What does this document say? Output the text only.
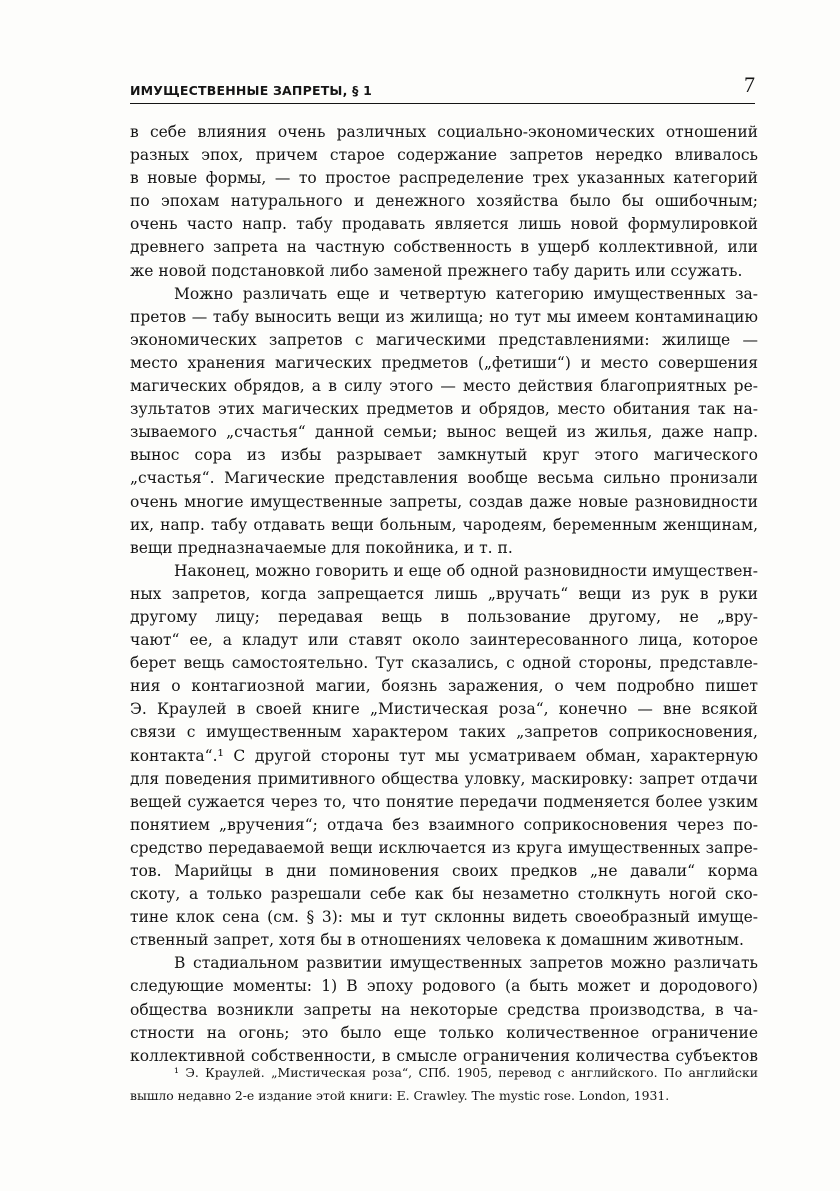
ИМУЩЕСТВЕННЫЕ ЗАПРЕТЫ, § 1	7
в себе влияния очень различных социально-экономических отношений
разных эпох, причем старое содержание запретов нередко вливалось
в новые формы, — то простое распределение трех указанных категорий
по эпохам натурального и денежного хозяйства было бы ошибочным;
очень часто напр. табу продавать является лишь новой формулировкой
древнего запрета на частную собственность в ущерб коллективной, или
же новой подстановкой либо заменой прежнего табу дарить или ссужать.
Можно различать еще и четвертую категорию имущественных за-
претов — табу выносить вещи из жилища; но тут мы имеем контаминацию
экономических запретов с магическими представлениями: жилище —
место хранения магических предметов („фетиши“) и место совершения
магических обрядов, а в силу этого — место действия благоприятных ре-
зультатов этих магических предметов и обрядов, место обитания так на-
зываемого „счастья“ данной семьи; вынос вещей из жилья, даже напр.
вынос сора из избы разрывает замкнутый круг этого магического
„счастья“. Магические представления вообще весьма сильно пронизали
очень многие имущественные запреты, создав даже новые разновидности
их, напр. табу отдавать вещи больным, чародеям, беременным женщинам,
вещи предназначаемые для покойника, и т. п.
Наконец, можно говорить и еще об одной разновидности имуществен-
ных запретов, когда запрещается лишь „вручать“ вещи из рук в руки
другому лицу; передавая вещь в пользование другому, не „вру-
чают“ ее, а кладут или ставят около заинтересованного лица, которое
берет вещь самостоятельно. Тут сказались, с одной стороны, представле-
ния о контагиозной магии, боязнь заражения, о чем подробно пишет
Э. Краулей в своей книге „Мистическая роза“, конечно — вне всякой
связи с имущественным характером таких „запретов соприкосновения,
контакта“.¹ С другой стороны тут мы усматриваем обман, характерную
для поведения примитивного общества уловку, маскировку: запрет отдачи
вещей сужается через то, что понятие передачи подменяется более узким
понятием „вручения“; отдача без взаимного соприкосновения через по-
средство передаваемой вещи исключается из круга имущественных запре-
тов. Марийцы в дни поминовения своих предков „не давали“ корма
скоту, а только разрешали себе как бы незаметно столкнуть ногой ско-
тине клок сена (см. § 3): мы и тут склонны видеть своеобразный имуще-
ственный запрет, хотя бы в отношениях человека к домашним животным.
В стадиальном развитии имущественных запретов можно различать
следующие моменты: 1) В эпоху родового (а быть может и дородового)
общества возникли запреты на некоторые средства производства, в ча-
стности на огонь; это было еще только количественное ограничение
коллективной собственности, в смысле ограничения количества субъектов
¹ Э. Краулей. „Мистическая роза“, СПб. 1905, перевод с английского. По английски
вышло недавно 2-е издание этой книги: E. Crawley. The mystic rose. London, 1931.
